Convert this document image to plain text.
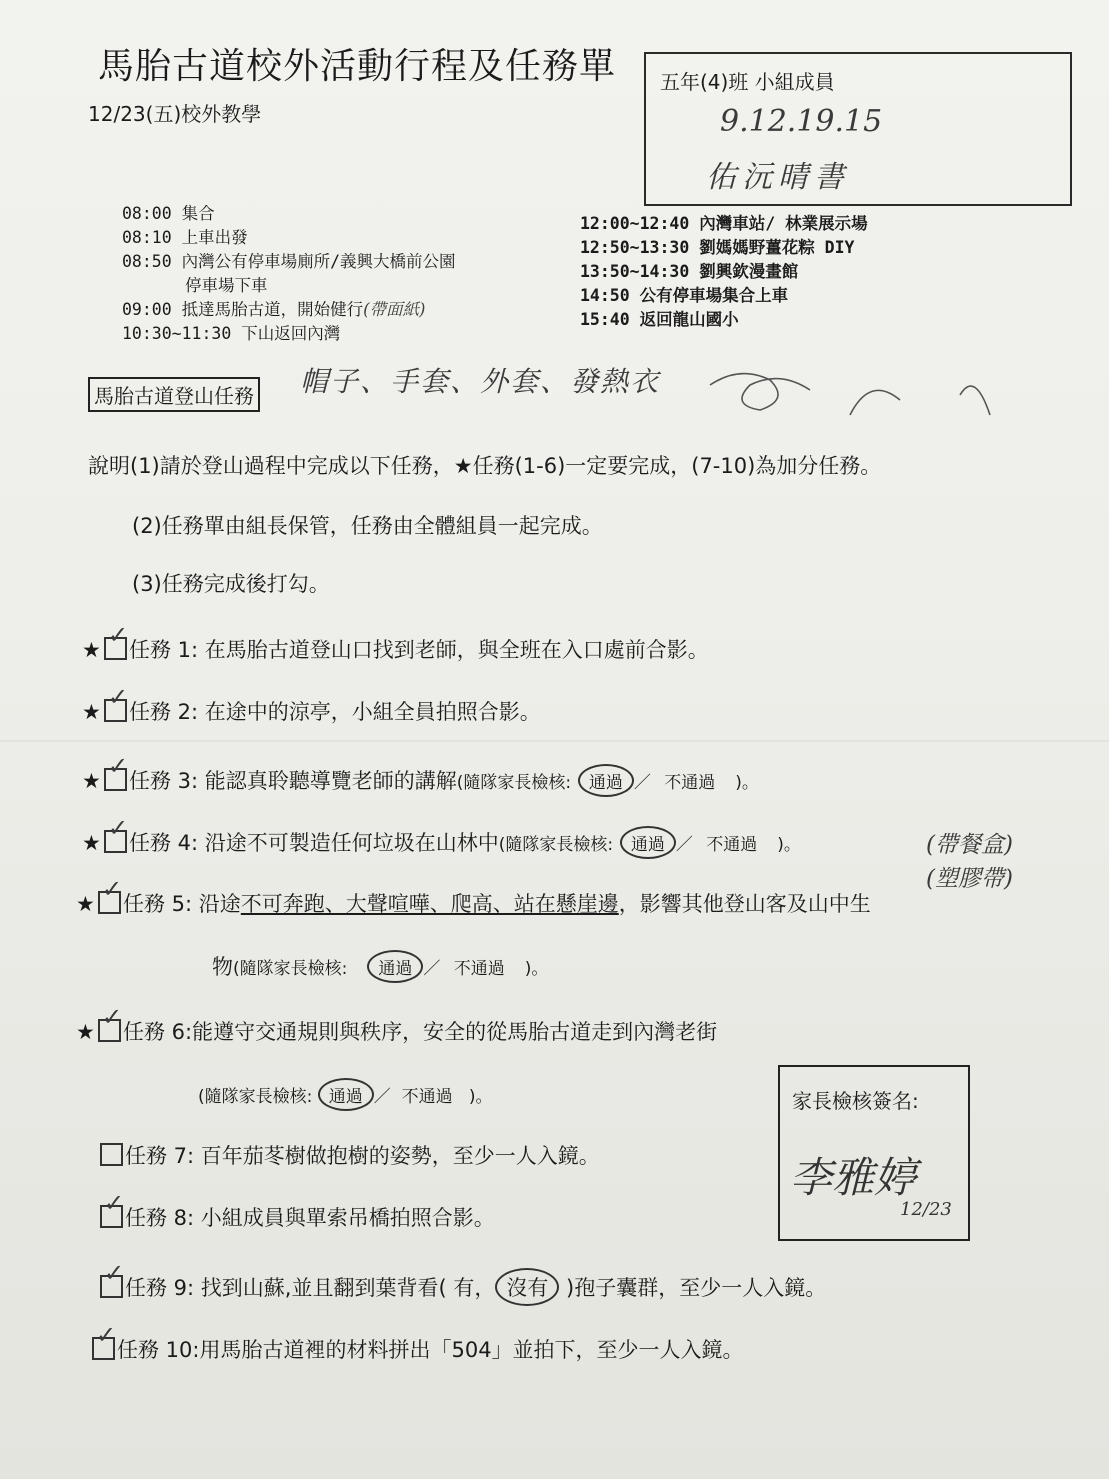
馬胎古道校外活動行程及任務單
12/23(五)校外教學
五年(4)班 小組成員
9.12.19.15
佑沅晴書
08:00 集合
08:10 上車出發
08:50 內灣公有停車場廁所/義興大橋前公園
停車場下車
09:00 抵達馬胎古道，開始健行(帶面紙)
10:30~11:30 下山返回內灣
12:00~12:40 內灣車站/ 林業展示場
12:50~13:30 劉媽媽野薑花粽 DIY
13:50~14:30 劉興欽漫畫館
14:50 公有停車場集合上車
15:40 返回龍山國小
馬胎古道登山任務 帽子、手套、外套、發熱衣
說明(1)請於登山過程中完成以下任務，★任務(1-6)一定要完成，(7-10)為加分任務。
(2)任務單由組長保管，任務由全體組員一起完成。
(3)任務完成後打勾。
★
✓
任務 1: 在馬胎古道登山口找到老師，與全班在入口處前合影。
★
✓
任務 2: 在途中的涼亭，小組全員拍照合影。
★
✓
任務 3: 能認真聆聽導覽老師的講解(隨隊家長檢核: 通過 ／ 不通過 )。
★
✓
任務 4: 沿途不可製造任何垃圾在山林中(隨隊家長檢核: 通過 ／ 不通過 )。	(帶餐盒)
(塑膠帶)
★
✓
任務 5: 沿途不可奔跑、大聲喧嘩、爬高、站在懸崖邊，影響其他登山客及山中生
物(隨隊家長檢核: 通過 ／ 不通過 )。
★
✓
任務 6:能遵守交通規則與秩序，安全的從馬胎古道走到內灣老街
(隨隊家長檢核: 通過 ／ 不通過 )。
任務 7: 百年茄苳樹做抱樹的姿勢，至少一人入鏡。
✓
任務 8: 小組成員與單索吊橋拍照合影。
✓
任務 9: 找到山蘇,並且翻到葉背看( 有， 沒有 )孢子囊群，至少一人入鏡。
✓
任務 10:用馬胎古道裡的材料拼出「504」並拍下，至少一人入鏡。
家長檢核簽名:
李雅婷
12/23
